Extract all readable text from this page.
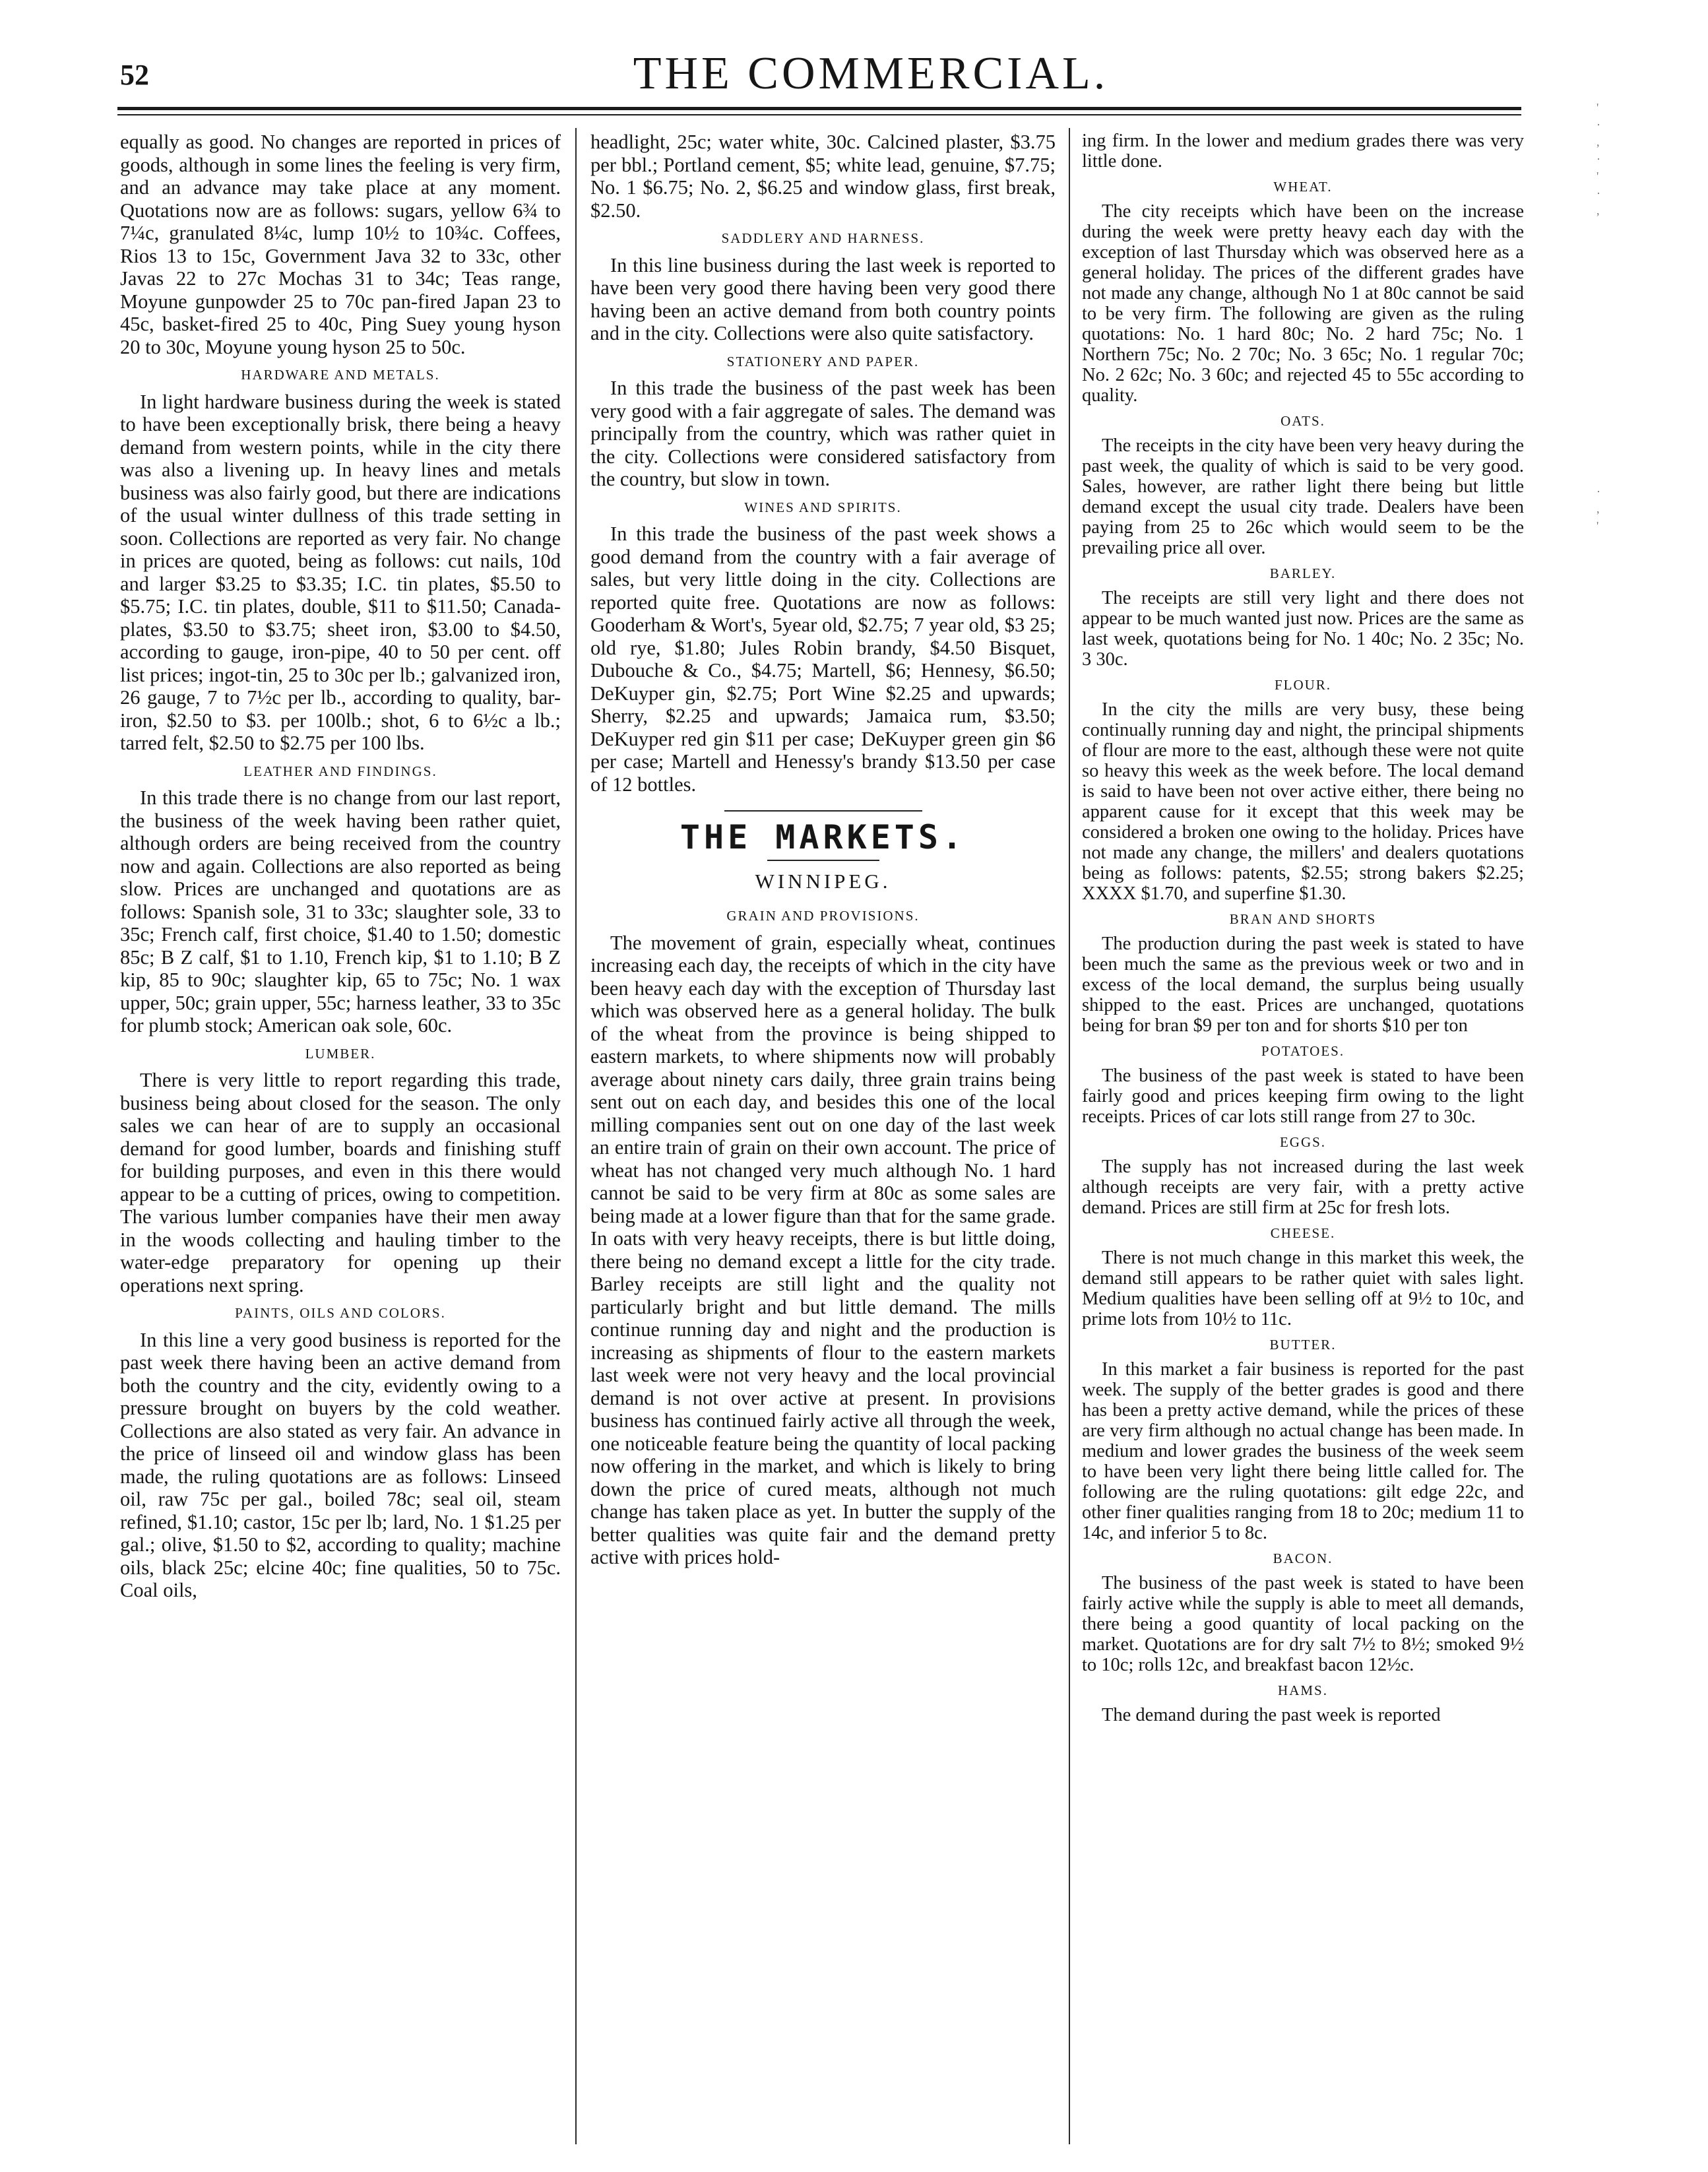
52	THE COMMERCIAL.

equally as good. No changes are reported in prices of goods, although in some lines the feeling is very firm, and an advance may take place at any moment. Quotations now are as follows: sugars, yellow 6¾ to 7¼c, granulated 8¼c, lump 10½ to 10¾c. Coffees, Rios 13 to 15c, Government Java 32 to 33c, other Javas 22 to 27c Mochas 31 to 34c; Teas range, Moyune gunpowder 25 to 70c pan-fired Japan 23 to 45c, basket-fired 25 to 40c, Ping Suey young hyson 20 to 30c, Moyune young hyson 25 to 50c.

HARDWARE AND METALS.

In light hardware business during the week is stated to have been exceptionally brisk, there being a heavy demand from western points, while in the city there was also a livening up. In heavy lines and metals business was also fairly good, but there are indications of the usual winter dullness of this trade setting in soon. Collections are reported as very fair. No change in prices are quoted, being as follows: cut nails, 10d and larger $3.25 to $3.35; I.C. tin plates, $5.50 to $5.75; I.C. tin plates, double, $11 to $11.50; Canada-plates, $3.50 to $3.75; sheet iron, $3.00 to $4.50, according to gauge, iron-pipe, 40 to 50 per cent. off list prices; ingot-tin, 25 to 30c per lb.; galvanized iron, 26 gauge, 7 to 7½c per lb., according to quality, bar-iron, $2.50 to $3. per 100lb.; shot, 6 to 6½c a lb.; tarred felt, $2.50 to $2.75 per 100 lbs.

LEATHER AND FINDINGS.

In this trade there is no change from our last report, the business of the week having been rather quiet, although orders are being received from the country now and again. Collections are also reported as being slow. Prices are unchanged and quotations are as follows: Spanish sole, 31 to 33c; slaughter sole, 33 to 35c; French calf, first choice, $1.40 to 1.50; domestic 85c; B Z calf, $1 to 1.10, French kip, $1 to 1.10; B Z kip, 85 to 90c; slaughter kip, 65 to 75c; No. 1 wax upper, 50c; grain upper, 55c; harness leather, 33 to 35c for plumb stock; American oak sole, 60c.

LUMBER.

There is very little to report regarding this trade, business being about closed for the season. The only sales we can hear of are to supply an occasional demand for good lumber, boards and finishing stuff for building purposes, and even in this there would appear to be a cutting of prices, owing to competition. The various lumber companies have their men away in the woods collecting and hauling timber to the water-edge preparatory for opening up their operations next spring.

PAINTS, OILS AND COLORS.

In this line a very good business is reported for the past week there having been an active demand from both the country and the city, evidently owing to a pressure brought on buyers by the cold weather. Collections are also stated as very fair. An advance in the price of linseed oil and window glass has been made, the ruling quotations are as follows: Linseed oil, raw 75c per gal., boiled 78c; seal oil, steam refined, $1.10; castor, 15c per lb; lard, No. 1 $1.25 per gal.; olive, $1.50 to $2, according to quality; machine oils, black 25c; elcine 40c; fine qualities, 50 to 75c. Coal oils,

headlight, 25c; water white, 30c. Calcined plaster, $3.75 per bbl.; Portland cement, $5; white lead, genuine, $7.75; No. 1 $6.75; No. 2, $6.25 and window glass, first break, $2.50.

SADDLERY AND HARNESS.

In this line business during the last week is reported to have been very good there having been very good there having been an active demand from both country points and in the city. Collections were also quite satisfactory.

STATIONERY AND PAPER.

In this trade the business of the past week has been very good with a fair aggregate of sales. The demand was principally from the country, which was rather quiet in the city. Collections were considered satisfactory from the country, but slow in town.

WINES AND SPIRITS.

In this trade the business of the past week shows a good demand from the country with a fair average of sales, but very little doing in the city. Collections are reported quite free. Quotations are now as follows: Gooderham & Wort's, 5year old, $2.75; 7 year old, $3 25; old rye, $1.80; Jules Robin brandy, $4.50 Bisquet, Dubouche & Co., $4.75; Martell, $6; Hennesy, $6.50; DeKuyper gin, $2.75; Port Wine $2.25 and upwards; Sherry, $2.25 and upwards; Jamaica rum, $3.50; DeKuyper red gin $11 per case; DeKuyper green gin $6 per case; Martell and Henessy's brandy $13.50 per case of 12 bottles.

THE MARKETS.
WINNIPEG.
GRAIN AND PROVISIONS.

The movement of grain, especially wheat, continues increasing each day, the receipts of which in the city have been heavy each day with the exception of Thursday last which was observed here as a general holiday. The bulk of the wheat from the province is being shipped to eastern markets, to where shipments now will probably average about ninety cars daily, three grain trains being sent out on each day, and besides this one of the local milling companies sent out on one day of the last week an entire train of grain on their own account. The price of wheat has not changed very much although No. 1 hard cannot be said to be very firm at 80c as some sales are being made at a lower figure than that for the same grade. In oats with very heavy receipts, there is but little doing, there being no demand except a little for the city trade. Barley receipts are still light and the quality not particularly bright and but little demand. The mills continue running day and night and the production is increasing as shipments of flour to the eastern markets last week were not very heavy and the local provincial demand is not over active at present. In provisions business has continued fairly active all through the week, one noticeable feature being the quantity of local packing now offering in the market, and which is likely to bring down the price of cured meats, although not much change has taken place as yet. In butter the supply of the better qualities was quite fair and the demand pretty active with prices hold-

ing firm. In the lower and medium grades there was very little done.

WHEAT.

The city receipts which have been on the increase during the week were pretty heavy each day with the exception of last Thursday which was observed here as a general holiday. The prices of the different grades have not made any change, although No 1 at 80c cannot be said to be very firm. The following are given as the ruling quotations: No. 1 hard 80c; No. 2 hard 75c; No. 1 Northern 75c; No. 2 70c; No. 3 65c; No. 1 regular 70c; No. 2 62c; No. 3 60c; and rejected 45 to 55c according to quality.

OATS.

The receipts in the city have been very heavy during the past week, the quality of which is said to be very good. Sales, however, are rather light there being but little demand except the usual city trade. Dealers have been paying from 25 to 26c which would seem to be the prevailing price all over.

BARLEY.

The receipts are still very light and there does not appear to be much wanted just now. Prices are the same as last week, quotations being for No. 1 40c; No. 2 35c; No. 3 30c.

FLOUR.

In the city the mills are very busy, these being continually running day and night, the principal shipments of flour are more to the east, although these were not quite so heavy this week as the week before. The local demand is said to have been not over active either, there being no apparent cause for it except that this week may be considered a broken one owing to the holiday. Prices have not made any change, the millers' and dealers quotations being as follows: patents, $2.55; strong bakers $2.25; XXXX $1.70, and superfine $1.30.

BRAN AND SHORTS

The production during the past week is stated to have been much the same as the previous week or two and in excess of the local demand, the surplus being usually shipped to the east. Prices are unchanged, quotations being for bran $9 per ton and for shorts $10 per ton

POTATOES.

The business of the past week is stated to have been fairly good and prices keeping firm owing to the light receipts. Prices of car lots still range from 27 to 30c.

EGGS.

The supply has not increased during the last week although receipts are very fair, with a pretty active demand. Prices are still firm at 25c for fresh lots.

CHEESE.

There is not much change in this market this week, the demand still appears to be rather quiet with sales light. Medium qualities have been selling off at 9½ to 10c, and prime lots from 10½ to 11c.

BUTTER.

In this market a fair business is reported for the past week. The supply of the better grades is good and there has been a pretty active demand, while the prices of these are very firm although no actual change has been made. In medium and lower grades the business of the week seem to have been very light there being little called for. The following are the ruling quotations: gilt edge 22c, and other finer qualities ranging from 18 to 20c; medium 11 to 14c, and inferior 5 to 8c.

BACON.

The business of the past week is stated to have been fairly active while the supply is able to meet all demands, there being a good quantity of local packing on the market. Quotations are for dry salt 7½ to 8½; smoked 9½ to 10c; rolls 12c, and breakfast bacon 12½c.

HAMS.

The demand during the past week is reported

'
·
,
·
'
·
,
·
,
'
